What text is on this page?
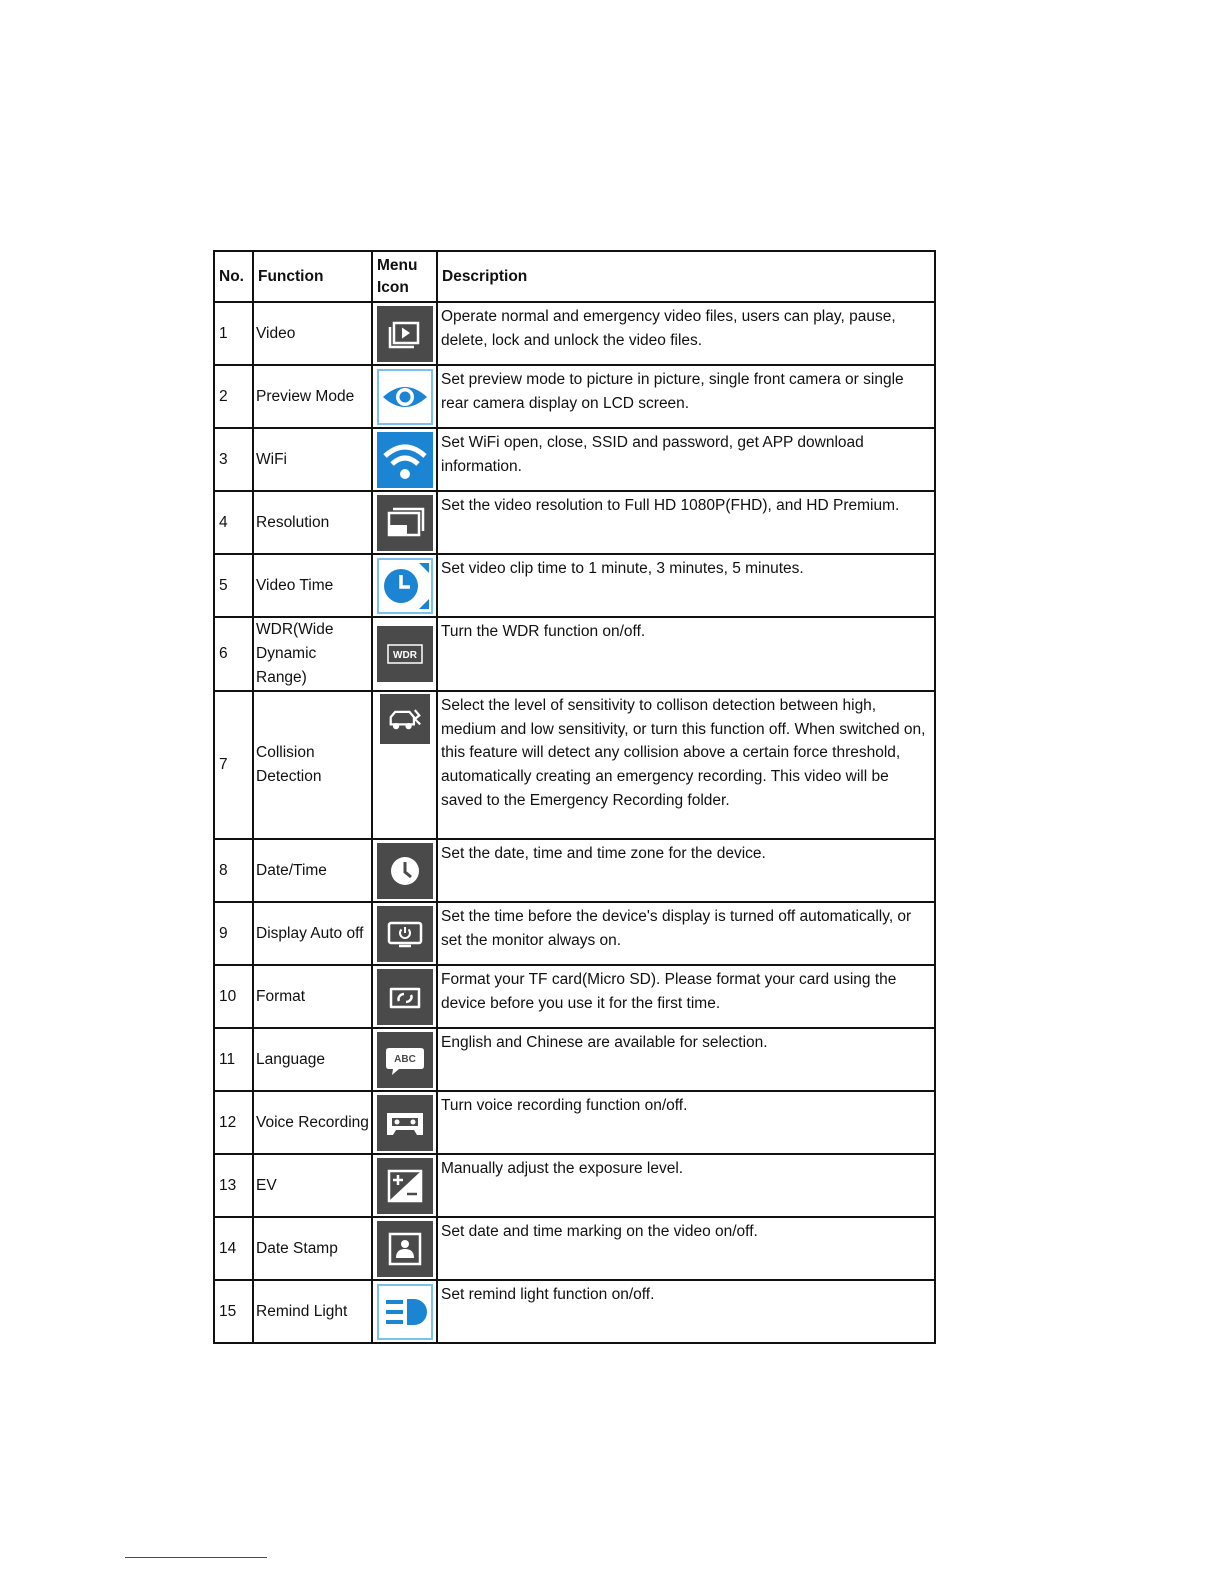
No.	Function	Menu Icon	Description
1	Video		Operate normal and emergency video files, users can play, pause, delete, lock and unlock the video files.
2	Preview Mode		Set preview mode to picture in picture, single front camera or single rear camera display on LCD screen.
3	WiFi		Set WiFi open, close, SSID and password, get APP download information.
4	Resolution		Set the video resolution to Full HD 1080P(FHD), and HD Premium.
5	Video Time		Set video clip time to 1 minute, 3 minutes, 5 minutes.
6	WDR(Wide Dynamic Range)	WDR	Turn the WDR function on/off.
7	Collision Detection		Select the level of sensitivity to collison detection between high, medium and low sensitivity, or turn this function off. When switched on, this feature will detect any collision above a certain force threshold, automatically creating an emergency recording. This video will be saved to the Emergency Recording folder.
8	Date/Time		Set the date, time and time zone for the device.
9	Display Auto off		Set the time before the device's display is turned off automatically, or set the monitor always on.
10	Format		Format your TF card(Micro SD). Please format your card using the device before you use it for the first time.
11	Language	ABC	English and Chinese are available for selection.
12	Voice Recording		Turn voice recording function on/off.
13	EV		Manually adjust the exposure level.
14	Date Stamp		Set date and time marking on the video on/off.
15	Remind Light		Set remind light function on/off.
